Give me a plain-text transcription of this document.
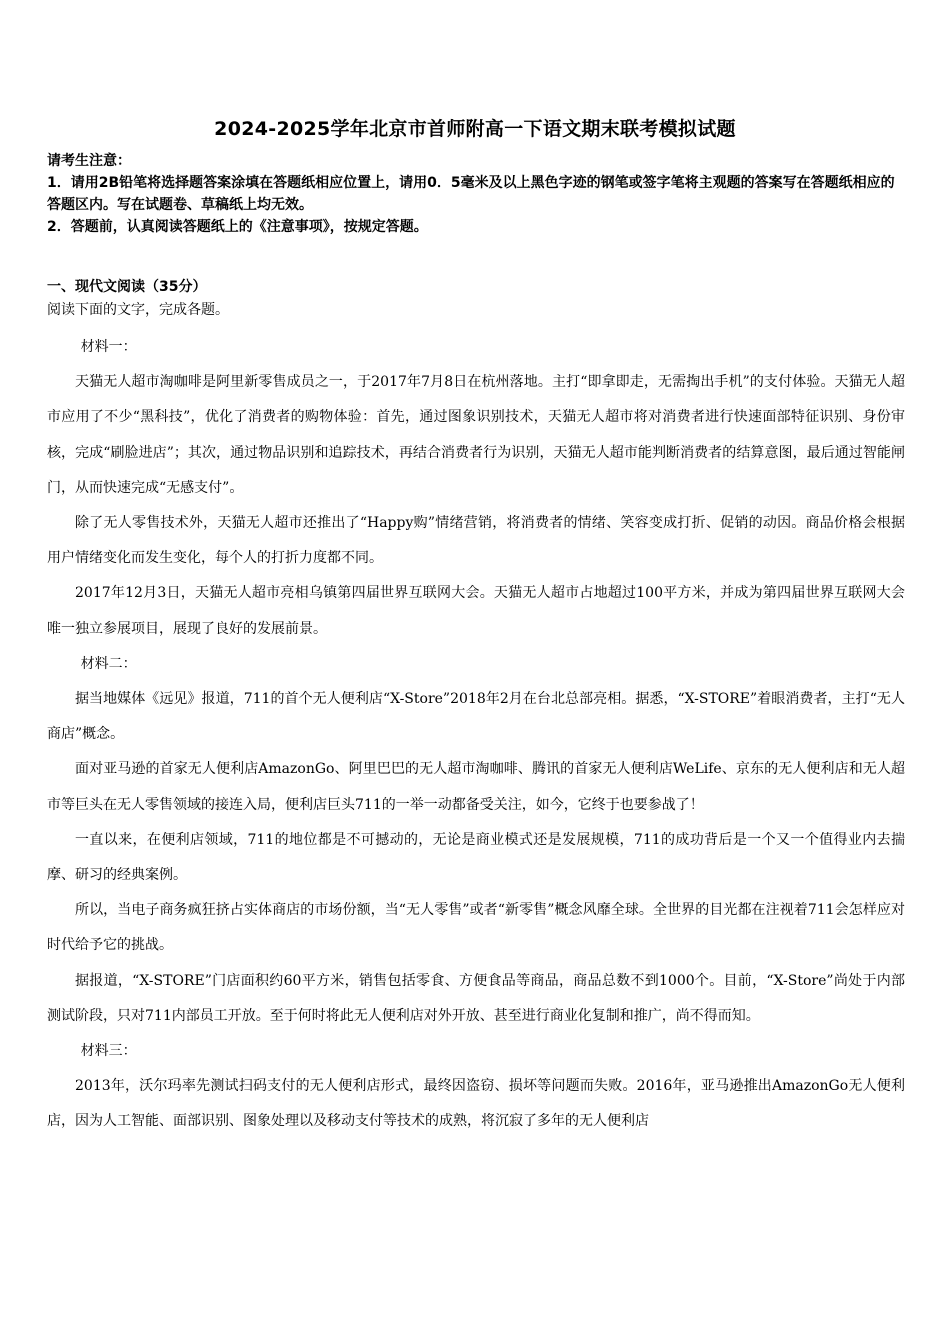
2024-2025学年北京市首师附高一下语文期末联考模拟试题

请考生注意：

1．请用2B铅笔将选择题答案涂填在答题纸相应位置上，请用0．5毫米及以上黑色字迹的钢笔或签字笔将主观题的答案写在答题纸相应的答题区内。写在试题卷、草稿纸上均无效。

2．答题前，认真阅读答题纸上的《注意事项》，按规定答题。

一、现代文阅读（35分）
阅读下面的文字，完成各题。

材料一：

天猫无人超市淘咖啡是阿里新零售成员之一，于2017年7月8日在杭州落地。主打“即拿即走，无需掏出手机”的支付体验。天猫无人超市应用了不少“黑科技”，优化了消费者的购物体验：首先，通过图象识别技术，天猫无人超市将对消费者进行快速面部特征识别、身份审核，完成“刷脸进店”；其次，通过物品识别和追踪技术，再结合消费者行为识别，天猫无人超市能判断消费者的结算意图，最后通过智能闸门，从而快速完成“无感支付”。

除了无人零售技术外，天猫无人超市还推出了“Happy购”情绪营销，将消费者的情绪、笑容变成打折、促销的动因。商品价格会根据用户情绪变化而发生变化，每个人的打折力度都不同。

2017年12月3日，天猫无人超市亮相乌镇第四届世界互联网大会。天猫无人超市占地超过100平方米，并成为第四届世界互联网大会唯一独立参展项目，展现了良好的发展前景。

材料二：

据当地媒体《远见》报道，711的首个无人便利店“X-Store”2018年2月在台北总部亮相。据悉，“X-STORE”着眼消费者，主打“无人商店”概念。

面对亚马逊的首家无人便利店AmazonGo、阿里巴巴的无人超市淘咖啡、腾讯的首家无人便利店WeLife、京东的无人便利店和无人超市等巨头在无人零售领域的接连入局，便利店巨头711的一举一动都备受关注，如今，它终于也要参战了！

一直以来，在便利店领域，711的地位都是不可撼动的，无论是商业模式还是发展规模，711的成功背后是一个又一个值得业内去揣摩、研习的经典案例。

所以，当电子商务疯狂挤占实体商店的市场份额，当“无人零售”或者“新零售”概念风靡全球。全世界的目光都在注视着711会怎样应对时代给予它的挑战。

据报道，“X-STORE”门店面积约60平方米，销售包括零食、方便食品等商品，商品总数不到1000个。目前，“X-Store”尚处于内部测试阶段，只对711内部员工开放。至于何时将此无人便利店对外开放、甚至进行商业化复制和推广，尚不得而知。

材料三：

2013年，沃尔玛率先测试扫码支付的无人便利店形式，最终因盗窃、损坏等问题而失败。2016年，亚马逊推出AmazonGo无人便利店，因为人工智能、面部识别、图象处理以及移动支付等技术的成熟，将沉寂了多年的无人便利店
